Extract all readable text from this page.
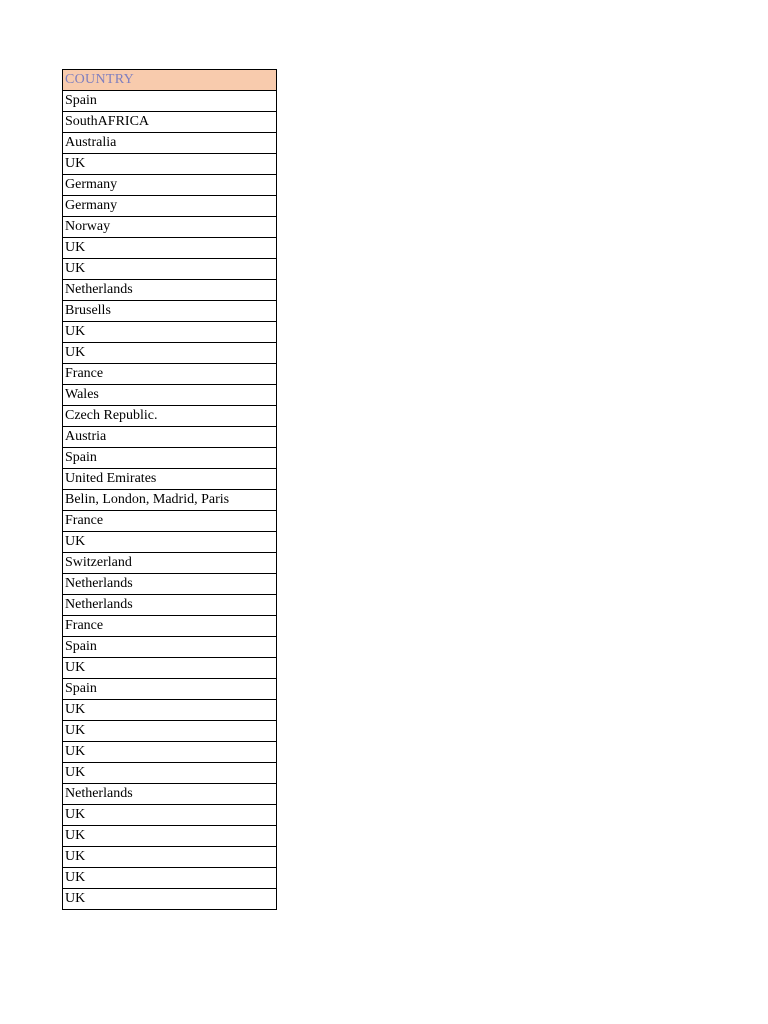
COUNTRY
Spain
SouthAFRICA
Australia
UK
Germany
Germany
Norway
UK
UK
Netherlands
Brusells
UK
UK
France
Wales
Czech Republic.
Austria
Spain
United Emirates
Belin, London, Madrid, Paris
France
UK
Switzerland
Netherlands
Netherlands
France
Spain
UK
Spain
UK
UK
UK
UK
Netherlands
UK
UK
UK
UK
UK
